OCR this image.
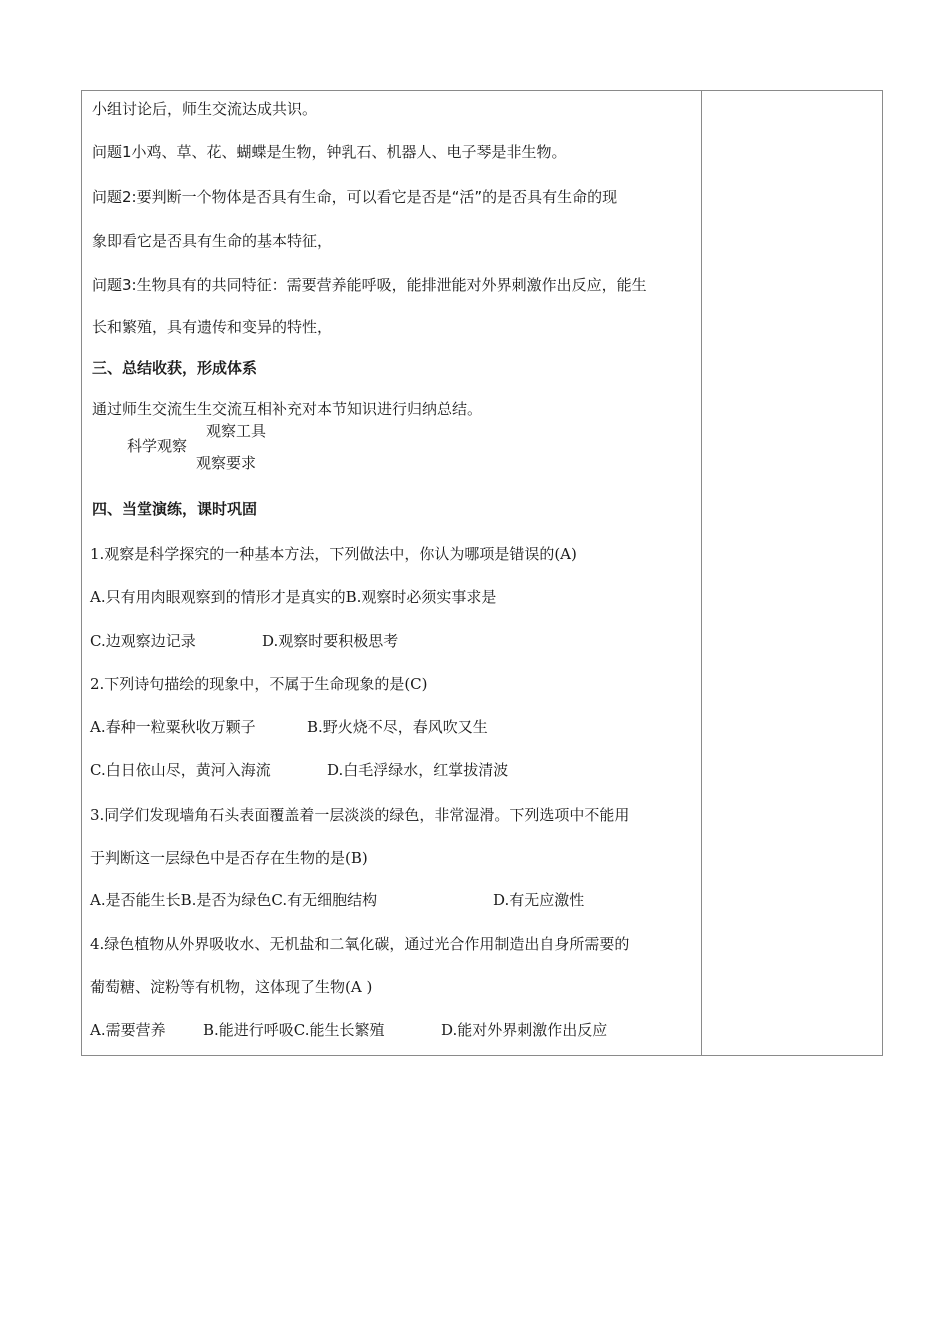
小组讨论后，师生交流达成共识。
问题1小鸡、草、花、蝴蝶是生物，钟乳石、机器人、电子琴是非生物。
问题2:要判断一个物体是否具有生命，可以看它是否是“活”的是否具有生命的现
象即看它是否具有生命的基本特征，
问题3:生物具有的共同特征：需要营养能呼吸，能排泄能对外界刺激作出反应，能生
长和繁殖，具有遗传和变异的特性，
三、总结收获，形成体系
通过师生交流生生交流互相补充对本节知识进行归纳总结。
观察工具
科学观察
观察要求
四、当堂演练，课时巩固
1.观察是科学探究的一种基本方法，下列做法中，你认为哪项是错误的(A)
A.只有用肉眼观察到的情形才是真实的B.观察时必须实事求是
C.边观察边记录	D.观察时要积极思考
2.下列诗句描绘的现象中，不属于生命现象的是(C)
A.春种一粒粟秋收万颗子	B.野火烧不尽，春风吹又生
C.白日依山尽，黄河入海流	D.白毛浮绿水，红掌拔清波
3.同学们发现墙角石头表面覆盖着一层淡淡的绿色，非常湿滑。下列选项中不能用
于判断这一层绿色中是否存在生物的是(B)
A.是否能生长B.是否为绿色C.有无细胞结构	D.有无应激性
4.绿色植物从外界吸收水、无机盐和二氧化碳，通过光合作用制造出自身所需要的
葡萄糖、淀粉等有机物，这体现了生物(A )
A.需要营养 B.能进行呼吸C.能生长繁殖	D.能对外界刺激作出反应
